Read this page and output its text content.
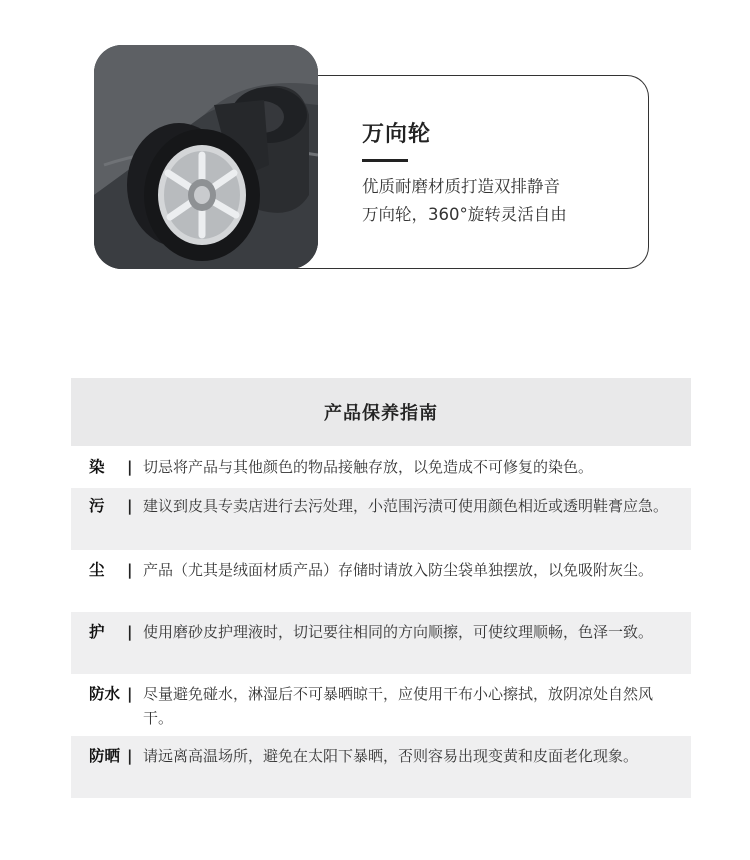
万向轮
优质耐磨材质打造双排静音
万向轮，360°旋转灵活自由
产品保养指南
染	| 切忌将产品与其他颜色的物品接触存放，以免造成不可修复的染色。
污	| 建议到皮具专卖店进行去污处理，小范围污渍可使用颜色相近或透明鞋膏应急。
尘	| 产品（尤其是绒面材质产品）存储时请放入防尘袋单独摆放，以免吸附灰尘。
护	| 使用磨砂皮护理液时，切记要往相同的方向顺擦，可使纹理顺畅，色泽一致。
防水 | 尽量避免碰水，淋湿后不可暴晒晾干，应使用干布小心擦拭，放阴凉处自然风干。
防晒 | 请远离高温场所，避免在太阳下暴晒，否则容易出现变黄和皮面老化现象。
